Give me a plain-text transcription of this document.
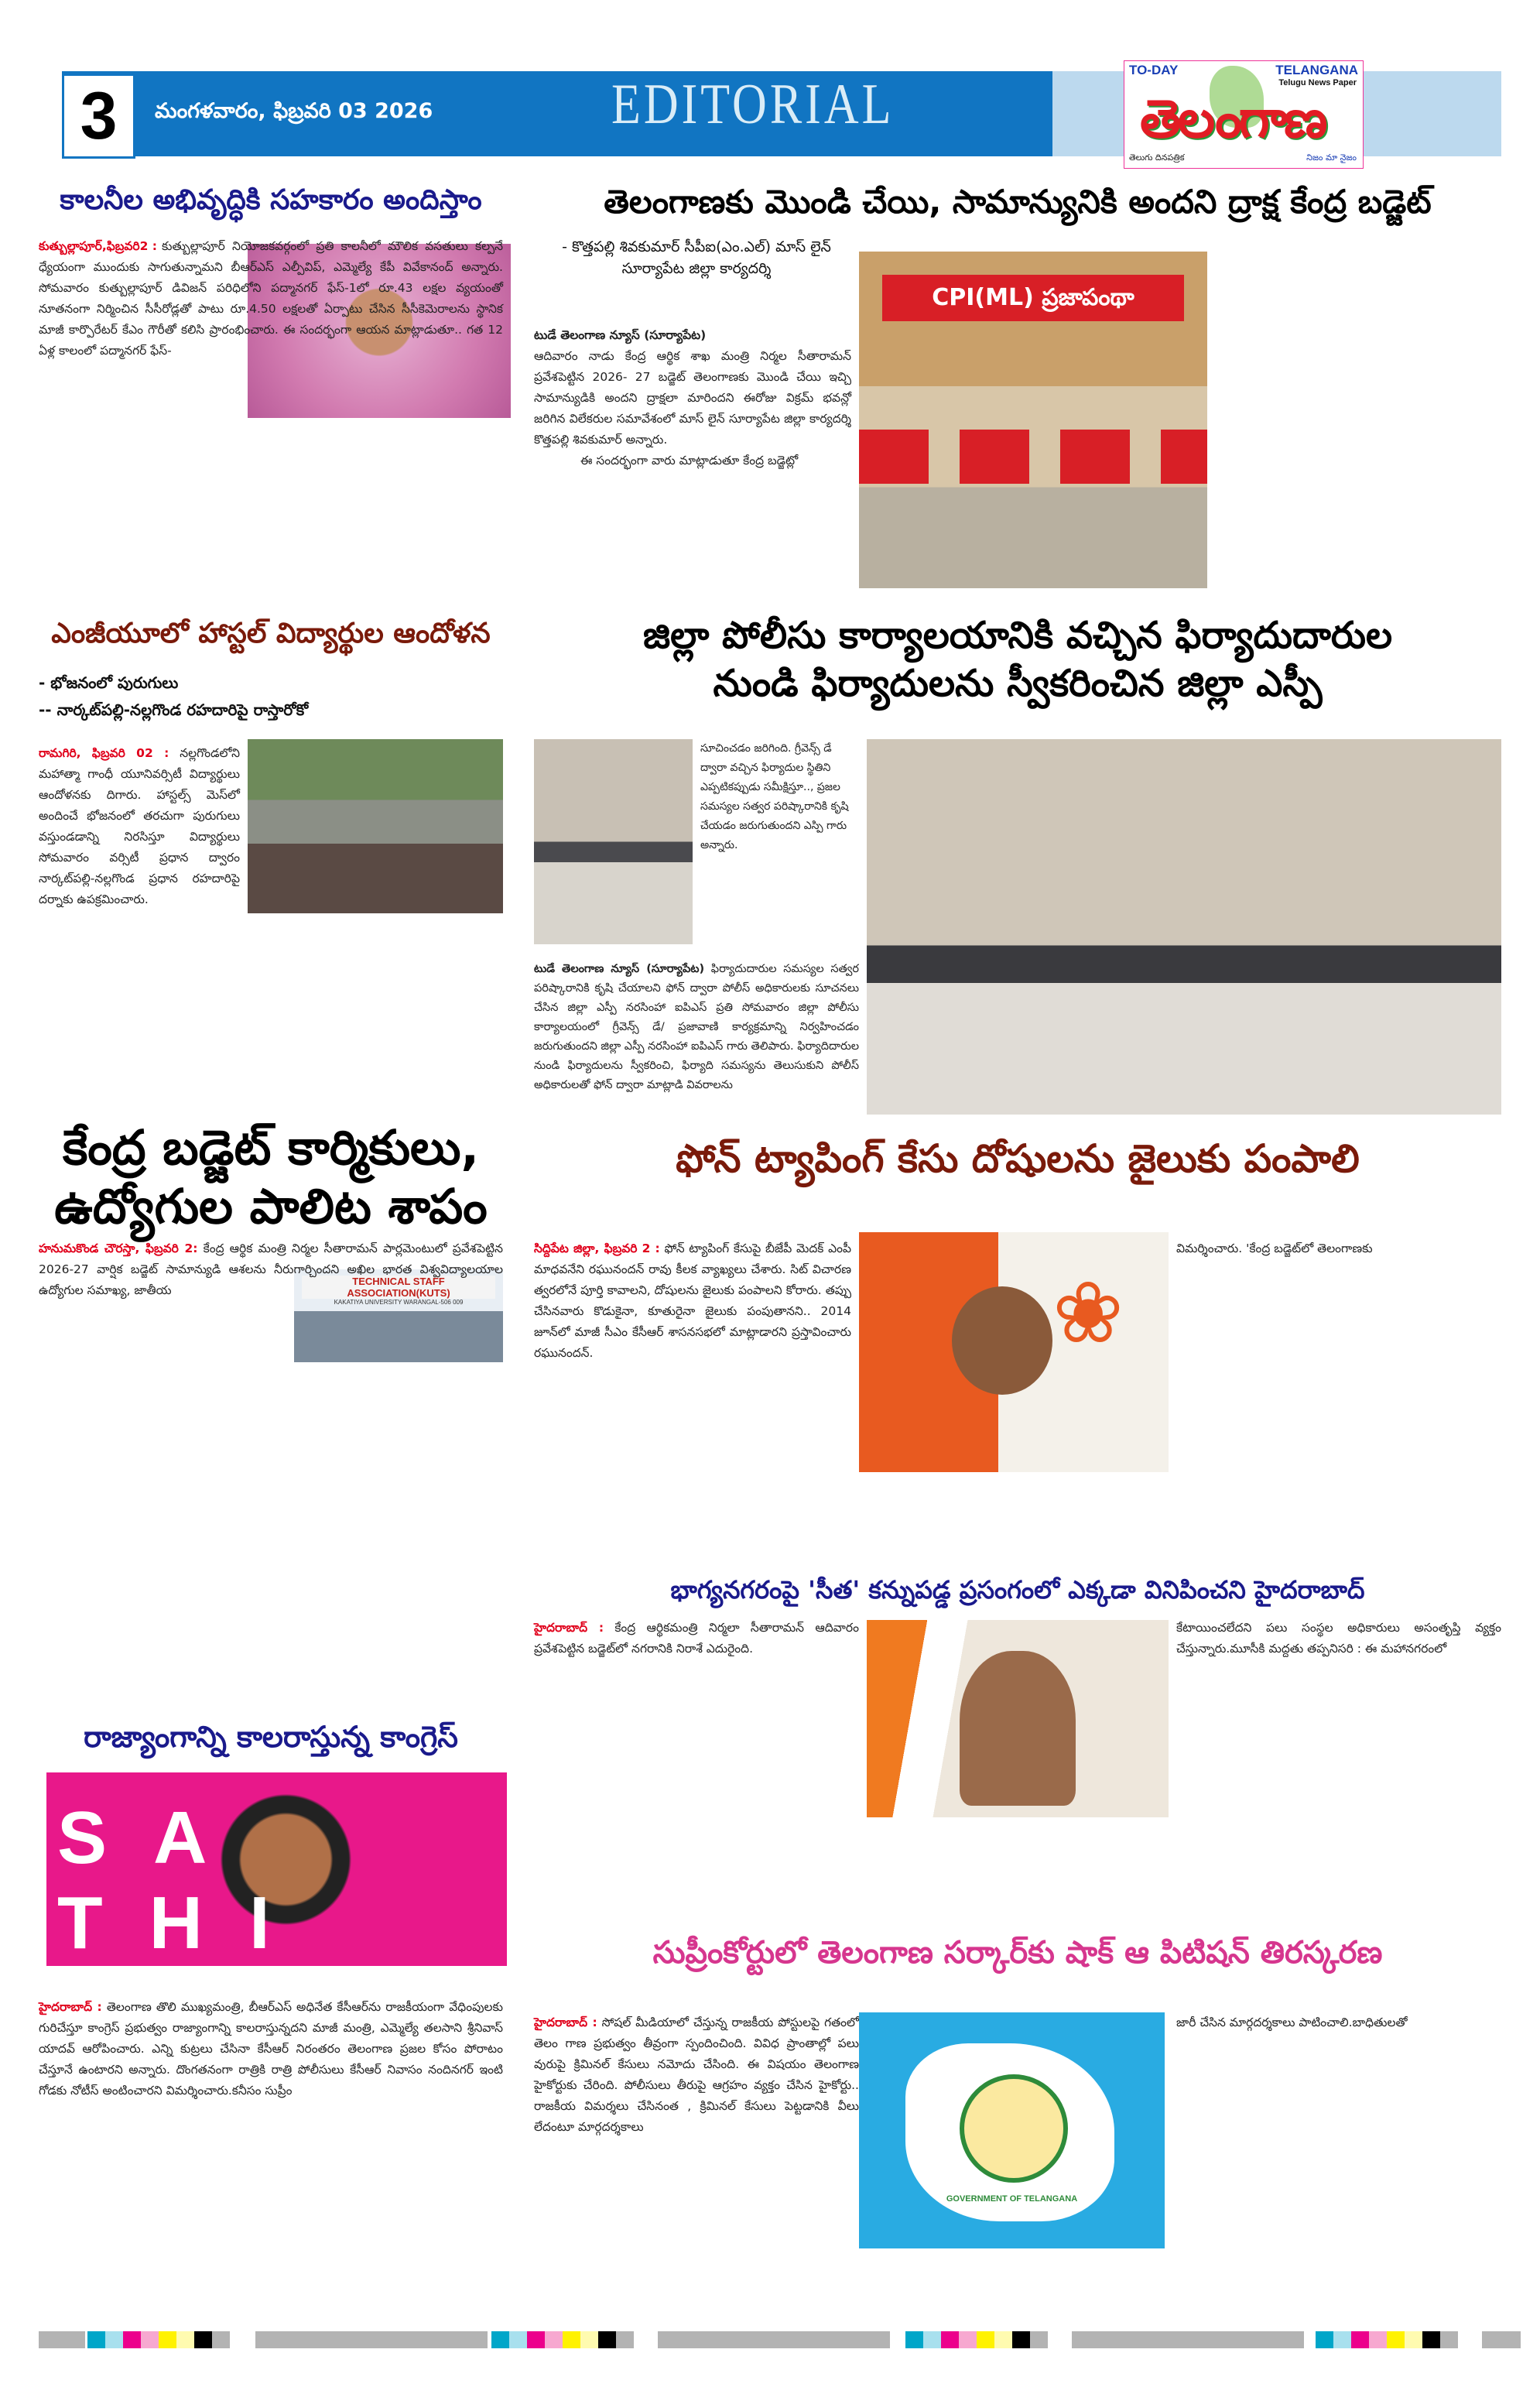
3	మంగళవారం, ఫిబ్రవరి 03 2026	EDITORIAL
TO-DAY	TELANGANA
Telugu News Paper
తెలంగాణ
తెలుగు దినపత్రిక	నిజం మా నైజం
కాలనీల అభివృద్ధికి సహకారం అందిస్తాం
కుత్బుల్లాపూర్,ఫిబ్రవరి2 : కుత్బుల్లాపూర్ నియోజకవర్గంలో ప్రతి కాలనీలో మౌలిక వసతులు కల్పనే ధ్యేయంగా ముందుకు సాగుతున్నామని బీఆర్ఎస్ ఎల్పీవిప్, ఎమ్మెల్యే కేపీ వివేకానంద్ అన్నారు. సోమవారం కుత్బుల్లాపూర్ డివిజన్ పరిధిలోని పద్మానగర్ ఫేస్-1లో రూ.43 లక్షల వ్యయంతో నూతనంగా నిర్మించిన సీసీరోడ్లతో పాటు రూ.4.50 లక్షలతో ఏర్పాటు చేసిన సీసీకెమెరాలను స్థానిక మాజీ కార్పొరేటర్ కేఎం గౌరీతో కలిసి ప్రారంభించారు. ఈ సందర్భంగా ఆయన మాట్లాడుతూ.. గత 12 ఏళ్ల కాలంలో పద్మానగర్ ఫేస్-
ఎంజీయూలో హాస్టల్ విద్యార్థుల ఆందోళన
- భోజనంలో పురుగులు
-- నార్కట్‌పల్లి-నల్లగొండ రహదారిపై రాస్తారోకో
రామగిరి, ఫిబ్రవరి 02 : నల్లగొండలోని మహాత్మా గాంధీ యూనివర్సిటీ విద్యార్థులు ఆందోళనకు దిగారు. హాస్టల్స్ మెస్‌లో అందించే భోజనంలో తరచుగా పురుగులు వస్తుండడాన్ని నిరసిస్తూ విద్యార్థులు సోమవారం వర్సిటీ ప్రధాన ద్వారం నార్కట్‌పల్లి-నల్లగొండ ప్రధాన రహదారిపై దర్నాకు ఉపక్రమించారు.
కేంద్ర బడ్జెట్ కార్మికులు,
ఉద్యోగుల పాలిట శాపం
TECHNICAL STAFF ASSOCIATION(KUTS)
KAKATIYA UNIVERSITY WARANGAL-506 009
హనుమకొండ చౌరస్తా, ఫిబ్రవరి 2: కేంద్ర ఆర్థిక మంత్రి నిర్మల సీతారామన్ పార్లమెంటులో ప్రవేశపెట్టిన 2026-27 వార్షిక బడ్జెట్ సామాన్యుడి ఆశలను నీరుగార్చిందని అఖిల భారత విశ్వవిద్యాలయాల ఉద్యోగుల సమాఖ్య, జాతీయ
రాజ్యాంగాన్ని కాలరాస్తున్న కాంగ్రెస్
SA THI
హైదరాబాద్ : తెలంగాణ తొలి ముఖ్యమంత్రి, బీఆర్ఎస్ అధినేత కేసీఆర్‌ను రాజకీయంగా వేధింపులకు గురిచేస్తూ కాంగ్రెస్ ప్రభుత్వం రాజ్యాంగాన్ని కాలరాస్తున్నదని మాజీ మంత్రి, ఎమ్మెల్యే తలసాని శ్రీనివాస్ యాదవ్ ఆరోపించారు. ఎన్ని కుట్రలు చేసినా కేసీఆర్ నిరంతరం తెలంగాణ ప్రజల కోసం పోరాటం చేస్తూనే ఉంటారని అన్నారు. దొంగతనంగా రాత్రికి రాత్రి పోలీసులు కేసీఆర్ నివాసం నందినగర్ ఇంటి గోడకు నోటీస్ అంటించారని విమర్శించారు.కనీసం సుప్రీం
తెలంగాణకు మొండి చేయి, సామాన్యునికి అందని ద్రాక్ష కేంద్ర బడ్జెట్
- కొత్తపల్లి శివకుమార్ సీపీఐ(ఎం.ఎల్) మాస్ లైన్ సూర్యాపేట జిల్లా కార్యదర్శి
టుడే తెలంగాణ న్యూస్ (సూర్యాపేట)
ఆదివారం నాడు కేంద్ర ఆర్థిక శాఖ మంత్రి నిర్మల సీతారామన్ ప్రవేశపెట్టిన 2026- 27 బడ్జెట్ తెలంగాణకు మొండి చేయి ఇచ్చి సామాన్యుడికి అందని ద్రాక్షలా మారిందని ఈరోజు విక్రమ్ భవన్లో జరిగిన విలేకరుల సమావేశంలో మాస్ లైన్ సూర్యాపేట జిల్లా కార్యదర్శి కొత్తపల్లి శివకుమార్ అన్నారు.
ఈ సందర్భంగా వారు మాట్లాడుతూ కేంద్ర బడ్జెట్లో
CPI(ML) ప్రజాపంథా
జిల్లా పోలీసు కార్యాలయానికి వచ్చిన ఫిర్యాదుదారుల
నుండి ఫిర్యాదులను స్వీకరించిన జిల్లా ఎస్పీ
టుడే తెలంగాణ న్యూస్ (సూర్యాపేట) ఫిర్యాదుదారుల సమస్యల సత్వర పరిష్కారానికి కృషి చేయాలని ఫోన్ ద్వారా పోలీస్ అధికారులకు సూచనలు చేసిన జిల్లా ఎస్పీ నరసింహా ఐపిఎస్ ప్రతి సోమవారం జిల్లా పోలీసు కార్యాలయంలో గ్రీవెన్స్ డే/ ప్రజావాణి కార్యక్రమాన్ని నిర్వహించడం జరుగుతుందని జిల్లా ఎస్పీ నరసింహా ఐపిఎస్ గారు తెలిపారు. ఫిర్యాదిదారుల నుండి ఫిర్యాదులను స్వీకరించి, ఫిర్యాది సమస్యను తెలుసుకుని పోలీస్ అధికారులతో ఫోన్ ద్వారా మాట్లాడి వివరాలను
సూచించడం జరిగింది. గ్రీవెన్స్ డే ద్వారా వచ్చిన ఫిర్యాదుల స్థితిని ఎప్పటికప్పుడు సమీక్షిస్తూ.., ప్రజల సమస్యల సత్వర పరిష్కారానికి కృషి చేయడం జరుగుతుందని ఎస్పి గారు అన్నారు.
ఫోన్ ట్యాపింగ్ కేసు దోషులను జైలుకు పంపాలి
సిద్దిపేట జిల్లా, ఫిబ్రవరి 2 : ఫోన్ ట్యాపింగ్ కేసుపై బీజేపీ మెదక్ ఎంపీ మాధవనేని రఘునందన్ రావు కీలక వ్యాఖ్యలు చేశారు. సిట్ విచారణ త్వరలోనే పూర్తి కావాలని, దోషులను జైలుకు పంపాలని కోరారు. తప్పు చేసినవారు కొడుకైనా, కూతురైనా జైలుకు పంపుతానని.. 2014 జూన్‌లో మాజీ సీఎం కేసీఆర్ శాసనసభలో మాట్లాడారని ప్రస్తావించారు రఘునందన్.	❀
విమర్శించారు. 'కేంద్ర బడ్జెట్‌లో తెలంగాణకు
భాగ్యనగరంపై 'సీత' కన్నుపడ్డ ప్రసంగంలో ఎక్కడా వినిపించని హైదరాబాద్
హైదరాబాద్ : కేంద్ర ఆర్థికమంత్రి నిర్మలా సీతారామన్ ఆదివారం ప్రవేశపెట్టిన బడ్జెట్‌లో నగరానికి నిరాశే ఎదురైంది.
కేటాయించలేదని పలు సంస్థల అధికారులు అసంతృప్తి వ్యక్తం చేస్తున్నారు.మూసీకి మద్దతు తప్పనిసరి : ఈ మహానగరంలో
సుప్రీంకోర్టులో తెలంగాణ సర్కార్‌కు షాక్ ఆ పిటిషన్ తిరస్కరణ
హైదరాబాద్ : సోషల్ మీడియాలో చేస్తున్న రాజకీయ పోస్టులపై గతంలో తెలం గాణ ప్రభుత్వం తీవ్రంగా స్పందించింది. వివిధ ప్రాంతాల్లో పలు వురుపై క్రిమినల్ కేసులు నమోదు చేసింది. ఈ విషయం తెలంగాణ హైకోర్టుకు చేరింది. పోలీసులు తీరుపై ఆగ్రహం వ్యక్తం చేసిన హైకోర్టు.. రాజకీయ విమర్శలు చేసినంత , క్రిమినల్ కేసులు పెట్టడానికి వీలు లేదంటూ మార్గదర్శకాలు
GOVERNMENT OF TELANGANA
జారీ చేసిన మార్గదర్శకాలు పాటించాలి.బాధితులతో
